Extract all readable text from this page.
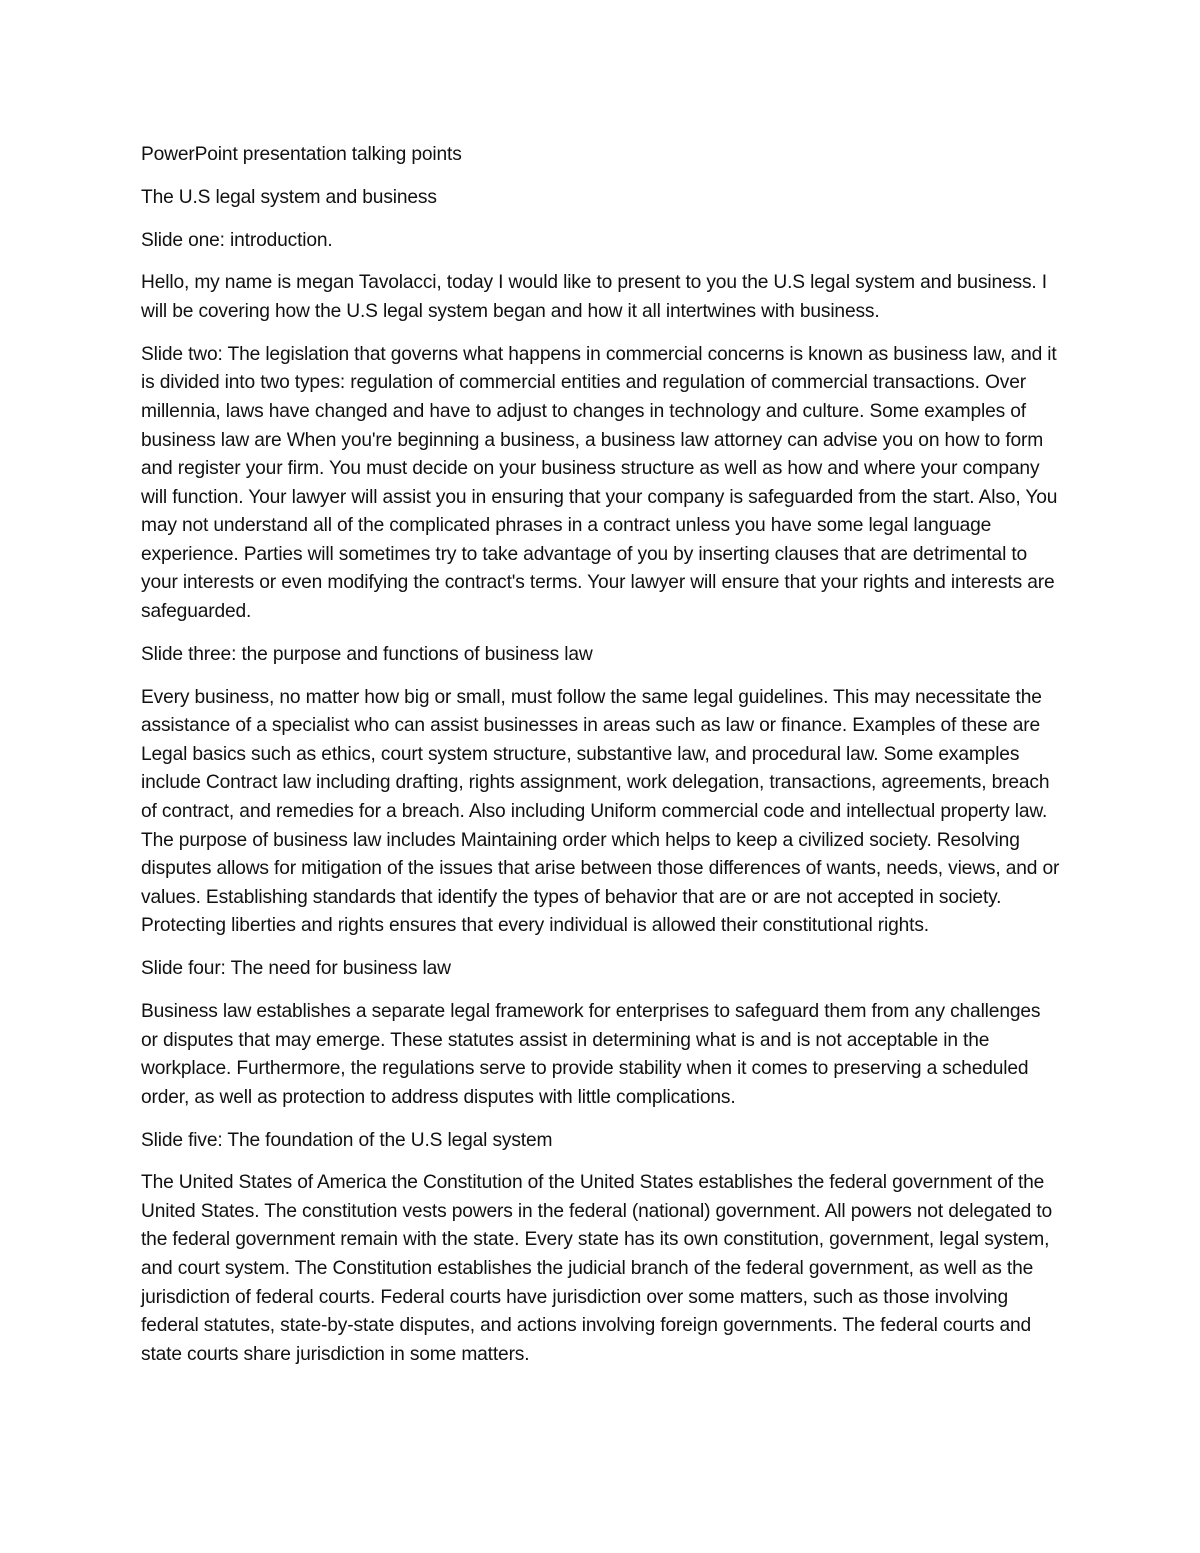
PowerPoint presentation talking points

The U.S legal system and business

Slide one: introduction.

Hello, my name is megan Tavolacci, today I would like to present to you the U.S legal system and business. I will be covering how the U.S legal system began and how it all intertwines with business.

Slide two: The legislation that governs what happens in commercial concerns is known as business law, and it is divided into two types: regulation of commercial entities and regulation of commercial transactions. Over millennia, laws have changed and have to adjust to changes in technology and culture. Some examples of business law are When you're beginning a business, a business law attorney can advise you on how to form and register your firm. You must decide on your business structure as well as how and where your company will function. Your lawyer will assist you in ensuring that your company is safeguarded from the start. Also, You may not understand all of the complicated phrases in a contract unless you have some legal language experience. Parties will sometimes try to take advantage of you by inserting clauses that are detrimental to your interests or even modifying the contract's terms. Your lawyer will ensure that your rights and interests are safeguarded.

Slide three: the purpose and functions of business law

Every business, no matter how big or small, must follow the same legal guidelines. This may necessitate the assistance of a specialist who can assist businesses in areas such as law or finance. Examples of these are Legal basics such as ethics, court system structure, substantive law, and procedural law. Some examples include Contract law including drafting, rights assignment, work delegation, transactions, agreements, breach of contract, and remedies for a breach. Also including Uniform commercial code and intellectual property law. The purpose of business law includes Maintaining order which helps to keep a civilized society. Resolving disputes allows for mitigation of the issues that arise between those differences of wants, needs, views, and or values. Establishing standards that identify the types of behavior that are or are not accepted in society. Protecting liberties and rights ensures that every individual is allowed their constitutional rights.

Slide four: The need for business law

Business law establishes a separate legal framework for enterprises to safeguard them from any challenges or disputes that may emerge. These statutes assist in determining what is and is not acceptable in the workplace. Furthermore, the regulations serve to provide stability when it comes to preserving a scheduled order, as well as protection to address disputes with little complications.

Slide five: The foundation of the U.S legal system

The United States of America the Constitution of the United States establishes the federal government of the United States. The constitution vests powers in the federal (national) government. All powers not delegated to the federal government remain with the state. Every state has its own constitution, government, legal system, and court system. The Constitution establishes the judicial branch of the federal government, as well as the jurisdiction of federal courts. Federal courts have jurisdiction over some matters, such as those involving federal statutes, state-by-state disputes, and actions involving foreign governments. The federal courts and state courts share jurisdiction in some matters.
